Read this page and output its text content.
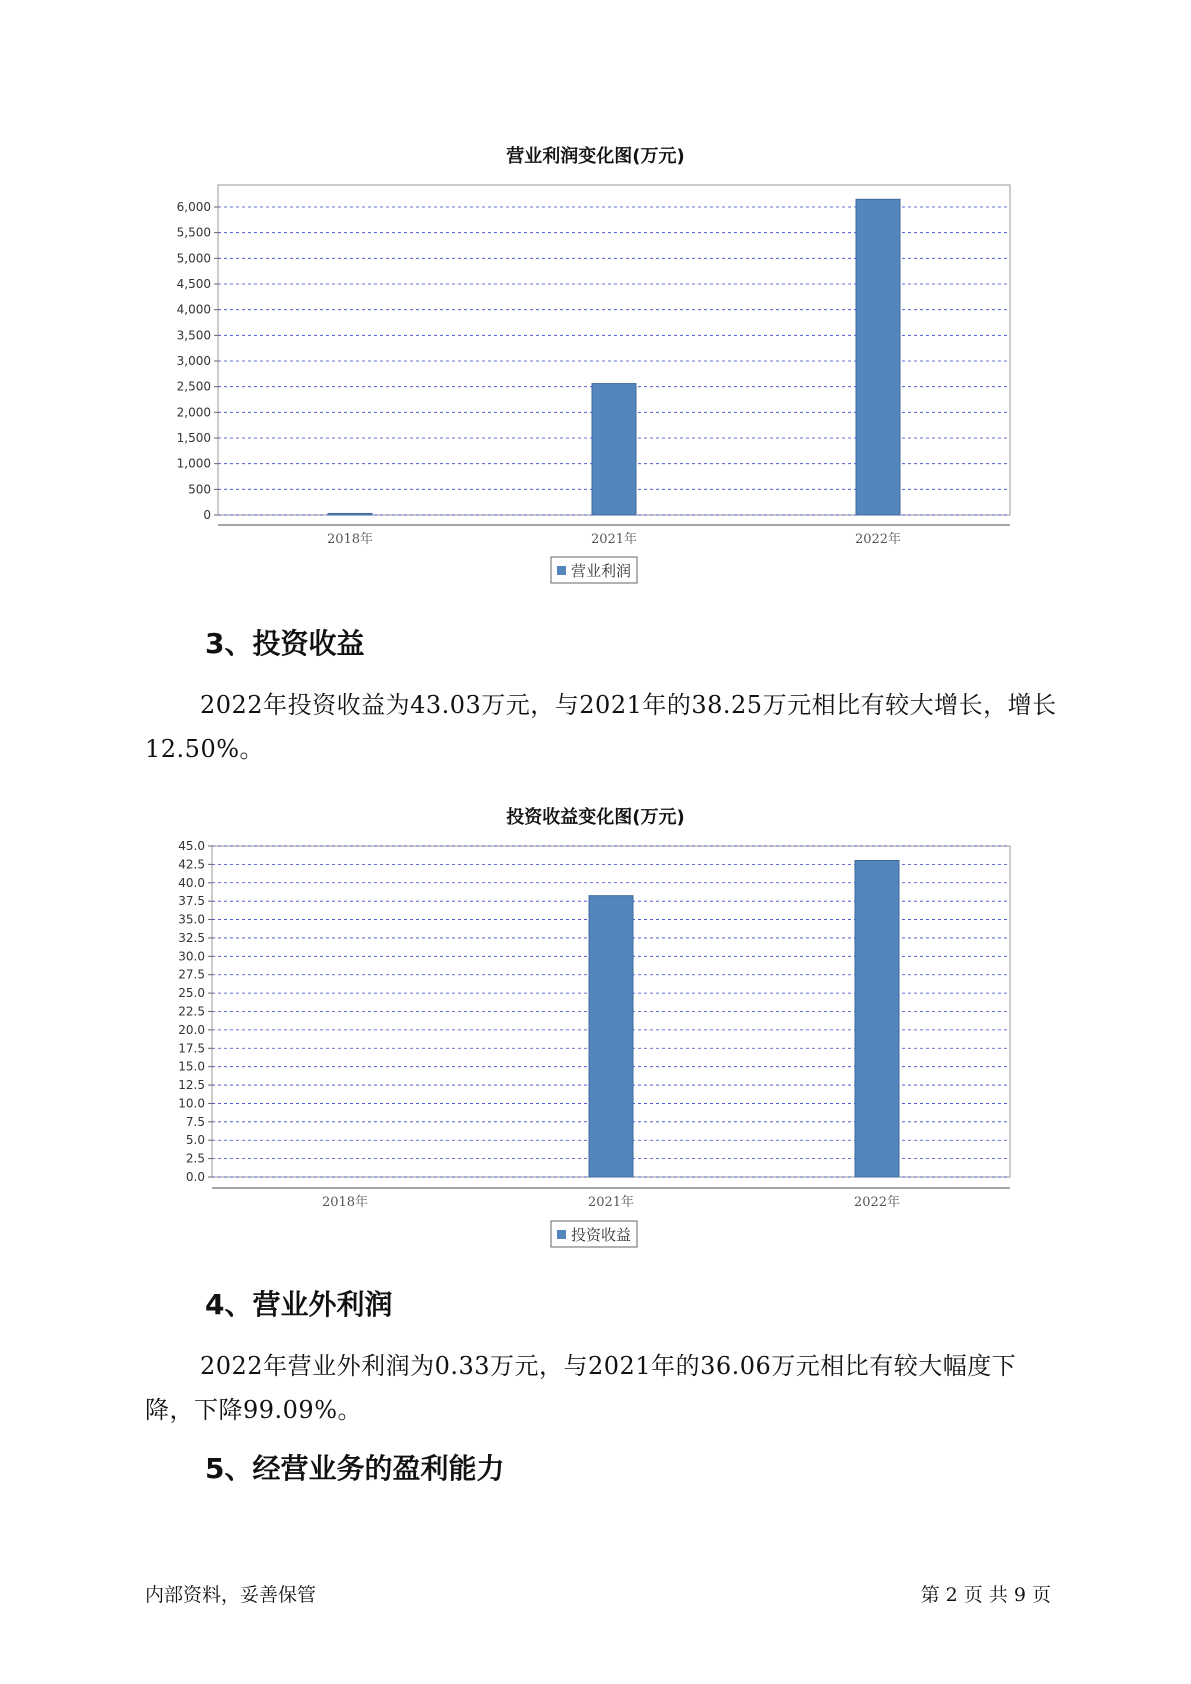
营业利润变化图(万元)
0
500
1,000
1,500
2,000
2,500
3,000
3,500
4,000
4,500
5,000
5,500
6,000
2018年	2021年	2022年
营业利润
3、投资收益

2022年投资收益为43.03万元，与2021年的38.25万元相比有较大增长，增长12.50%。

投资收益变化图(万元)
0.0
2.5
5.0
7.5
10.0
12.5
15.0
17.5
20.0
22.5
25.0
27.5
30.0
32.5
35.0
37.5
40.0
42.5
45.0
2018年	2021年	2022年
投资收益
4、营业外利润

2022年营业外利润为0.33万元，与2021年的36.06万元相比有较大幅度下降，下降99.09%。

5、经营业务的盈利能力
内部资料，妥善保管	第 2 页 共 9 页
